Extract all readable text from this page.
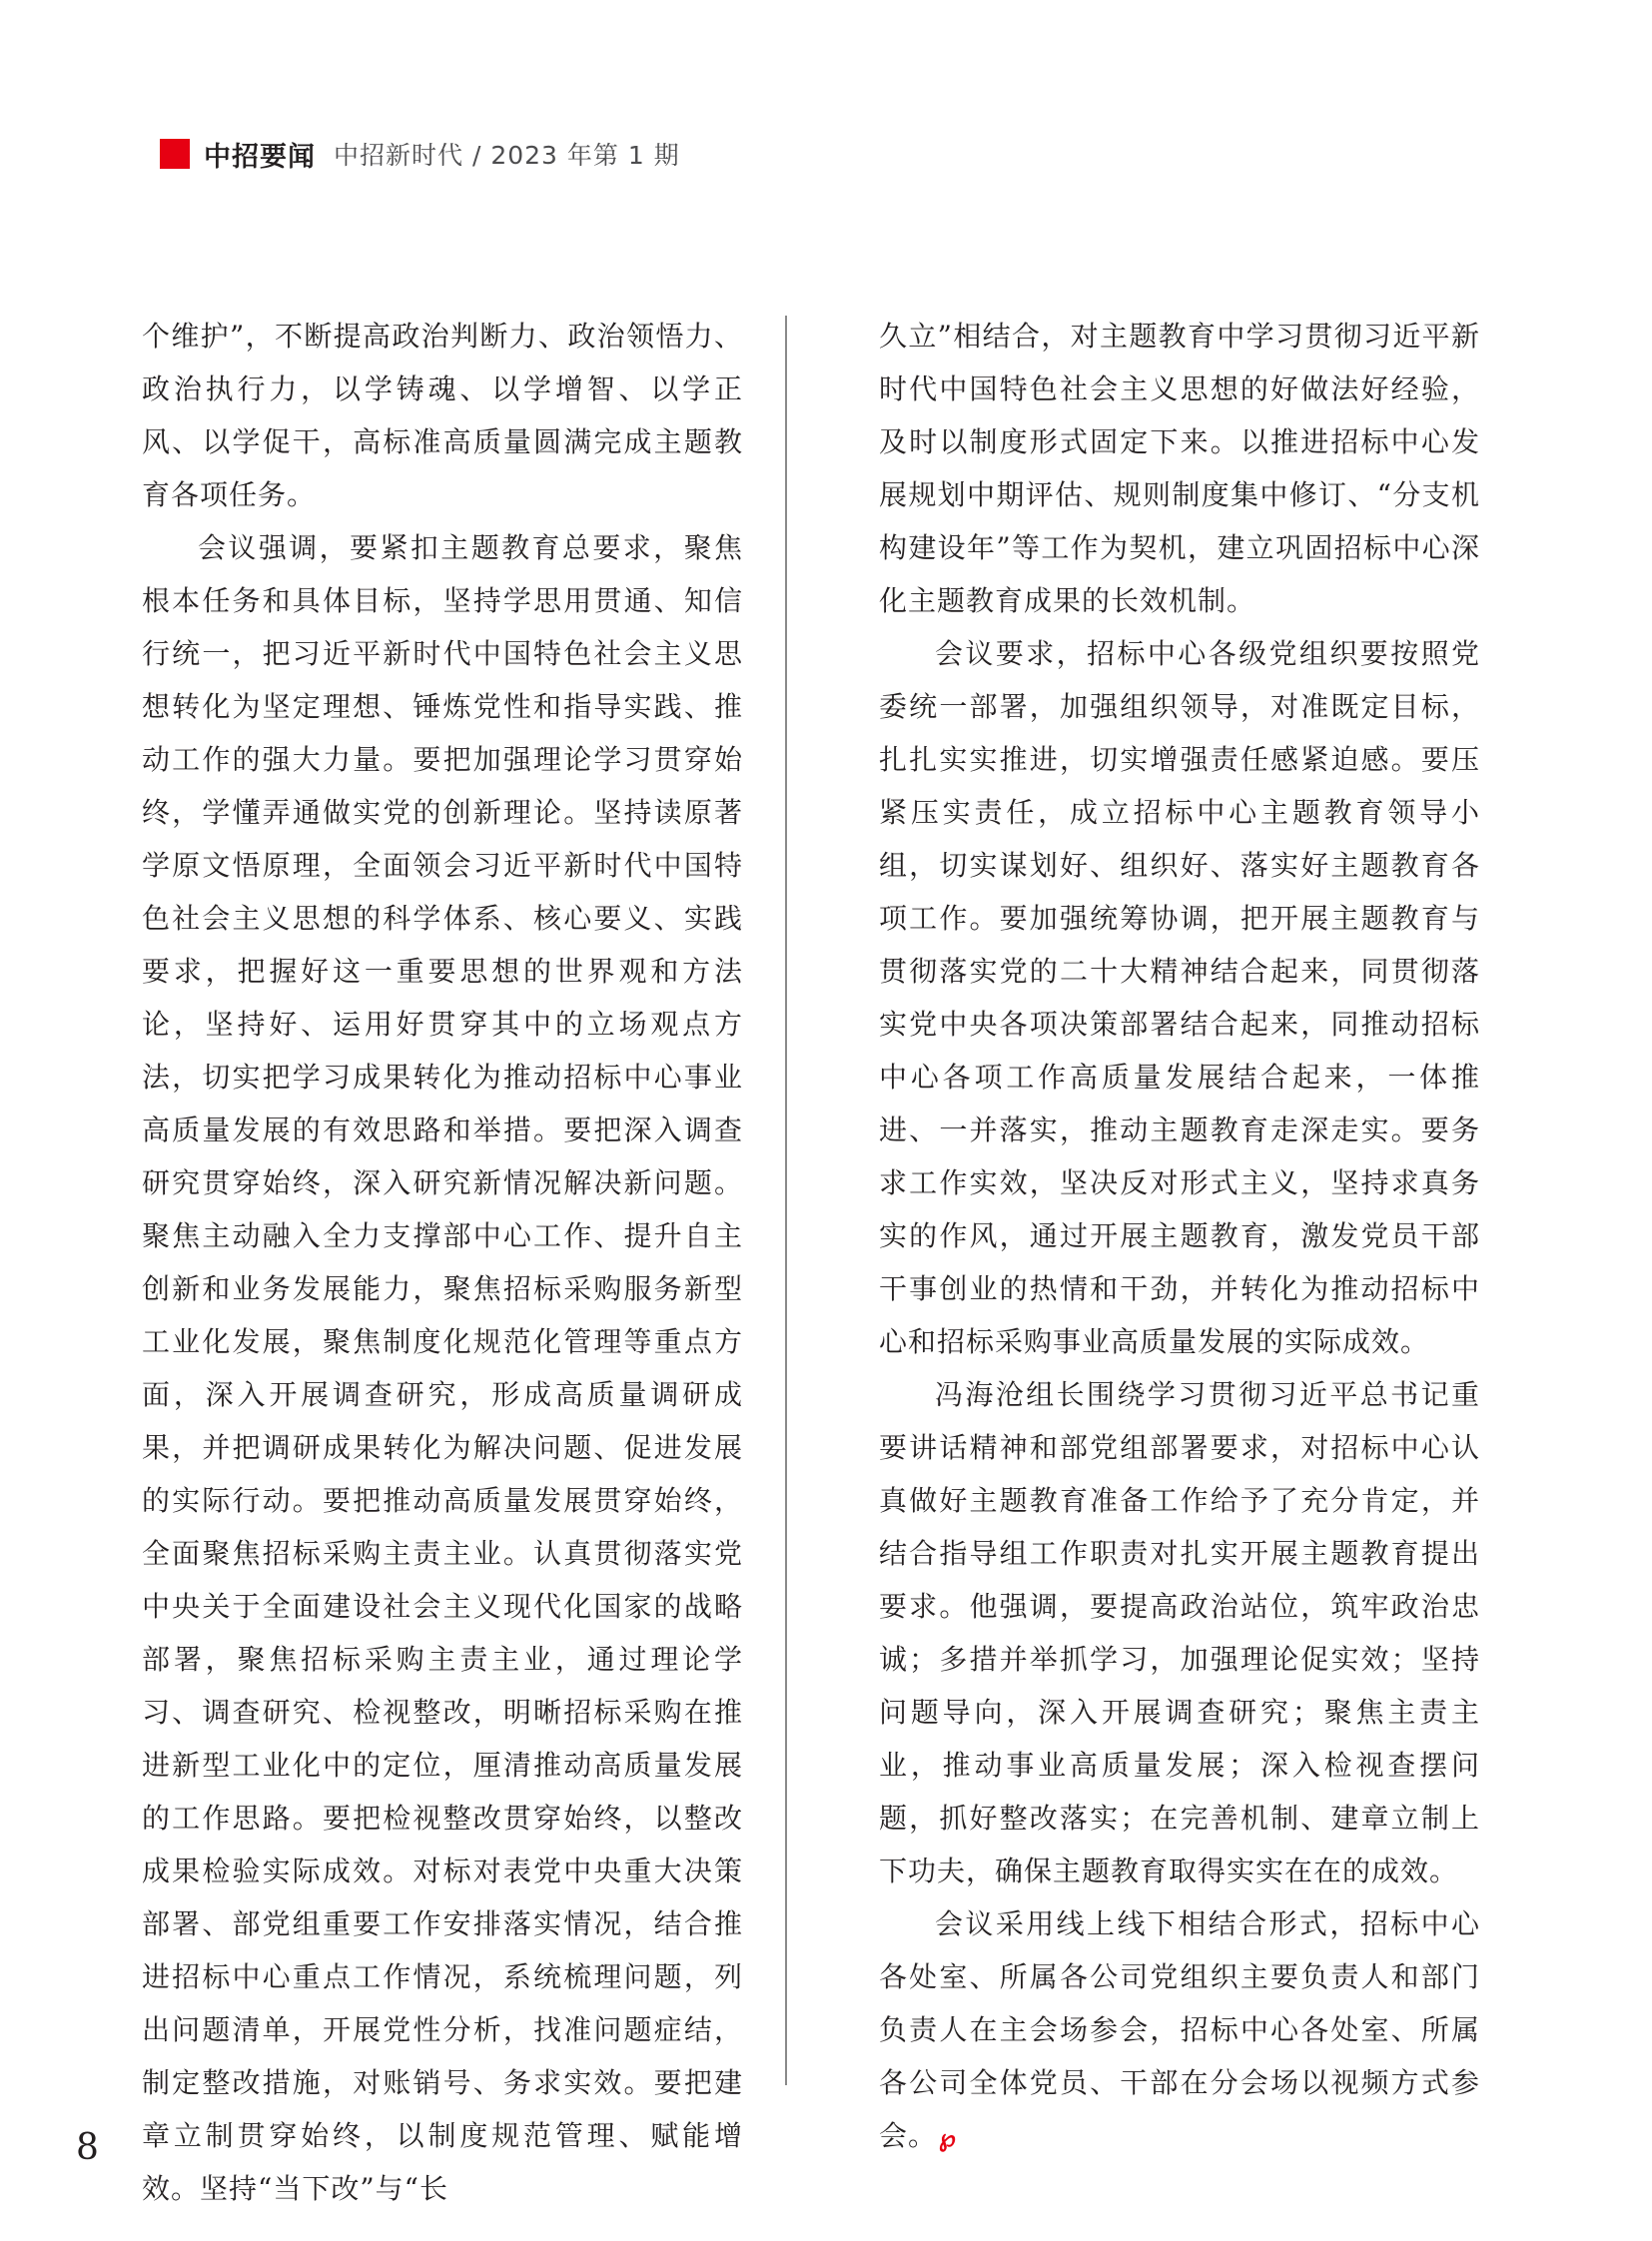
中招要闻 中招新时代 / 2023 年第 1 期

个维护”，不断提高政治判断力、政治领悟力、政治执行力，以学铸魂、以学增智、以学正风、以学促干，高标准高质量圆满完成主题教育各项任务。

会议强调，要紧扣主题教育总要求，聚焦根本任务和具体目标，坚持学思用贯通、知信行统一，把习近平新时代中国特色社会主义思想转化为坚定理想、锤炼党性和指导实践、推动工作的强大力量。要把加强理论学习贯穿始终，学懂弄通做实党的创新理论。坚持读原著学原文悟原理，全面领会习近平新时代中国特色社会主义思想的科学体系、核心要义、实践要求，把握好这一重要思想的世界观和方法论，坚持好、运用好贯穿其中的立场观点方法，切实把学习成果转化为推动招标中心事业高质量发展的有效思路和举措。要把深入调查研究贯穿始终，深入研究新情况解决新问题。聚焦主动融入全力支撑部中心工作、提升自主创新和业务发展能力，聚焦招标采购服务新型工业化发展，聚焦制度化规范化管理等重点方面，深入开展调查研究，形成高质量调研成果，并把调研成果转化为解决问题、促进发展的实际行动。要把推动高质量发展贯穿始终，全面聚焦招标采购主责主业。认真贯彻落实党中央关于全面建设社会主义现代化国家的战略部署，聚焦招标采购主责主业，通过理论学习、调查研究、检视整改，明晰招标采购在推进新型工业化中的定位，厘清推动高质量发展的工作思路。要把检视整改贯穿始终，以整改成果检验实际成效。对标对表党中央重大决策部署、部党组重要工作安排落实情况，结合推进招标中心重点工作情况，系统梳理问题，列出问题清单，开展党性分析，找准问题症结，制定整改措施，对账销号、务求实效。要把建章立制贯穿始终，以制度规范管理、赋能增效。坚持“当下改”与“长

久立”相结合，对主题教育中学习贯彻习近平新时代中国特色社会主义思想的好做法好经验，及时以制度形式固定下来。以推进招标中心发展规划中期评估、规则制度集中修订、“分支机构建设年”等工作为契机，建立巩固招标中心深化主题教育成果的长效机制。

会议要求，招标中心各级党组织要按照党委统一部署，加强组织领导，对准既定目标，扎扎实实推进，切实增强责任感紧迫感。要压紧压实责任，成立招标中心主题教育领导小组，切实谋划好、组织好、落实好主题教育各项工作。要加强统筹协调，把开展主题教育与贯彻落实党的二十大精神结合起来，同贯彻落实党中央各项决策部署结合起来，同推动招标中心各项工作高质量发展结合起来，一体推进、一并落实，推动主题教育走深走实。要务求工作实效，坚决反对形式主义，坚持求真务实的作风，通过开展主题教育，激发党员干部干事创业的热情和干劲，并转化为推动招标中心和招标采购事业高质量发展的实际成效。

冯海沧组长围绕学习贯彻习近平总书记重要讲话精神和部党组部署要求，对招标中心认真做好主题教育准备工作给予了充分肯定，并结合指导组工作职责对扎实开展主题教育提出要求。他强调，要提高政治站位，筑牢政治忠诚；多措并举抓学习，加强理论促实效；坚持问题导向，深入开展调查研究；聚焦主责主业，推动事业高质量发展；深入检视查摆问题，抓好整改落实；在完善机制、建章立制上下功夫，确保主题教育取得实实在在的成效。

会议采用线上线下相结合形式，招标中心各处室、所属各公司党组织主要负责人和部门负责人在主会场参会，招标中心各处室、所属各公司全体党员、干部在分会场以视频方式参会。℘

8
